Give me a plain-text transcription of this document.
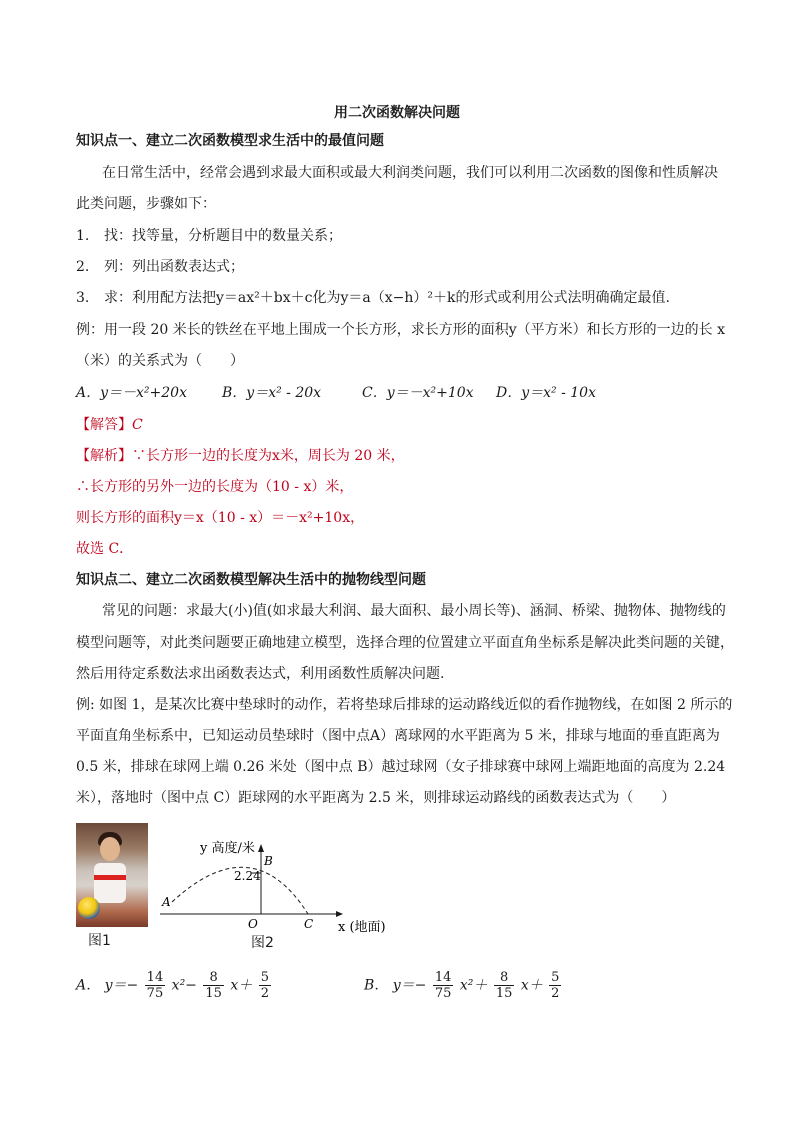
用二次函数解决问题
知识点一、建立二次函数模型求生活中的最值问题
在日常生活中，经常会遇到求最大面积或最大利润类问题，我们可以利用二次函数的图像和性质解决
此类问题，步骤如下：
1. 找：找等量，分析题目中的数量关系；
2. 列：列出函数表达式；
3. 求：利用配方法把y＝ax²＋bx＋c化为y＝a（x−h）²＋k的形式或利用公式法明确确定最值.
例：用一段 20 米长的铁丝在平地上围成一个长方形，求长方形的面积y（平方米）和长方形的一边的长 x
（米）的关系式为（　　）
A．y＝－x²+20x	B．y＝x² - 20x	C．y＝－x²+10x D．y＝x² - 10x
【解答】C
【解析】∵长方形一边的长度为x米，周长为 20 米，
∴长方形的另外一边的长度为（10 - x）米，
则长方形的面积y＝x（10 - x）＝－x²+10x，
故选 C．
知识点二、建立二次函数模型解决生活中的抛物线型问题
常见的问题：求最大(小)值(如求最大利润、最大面积、最小周长等)、涵洞、桥梁、抛物体、抛物线的
模型问题等，对此类问题要正确地建立模型，选择合理的位置建立平面直角坐标系是解决此类问题的关键，
然后用待定系数法求出函数表达式，利用函数性质解决问题.
例: 如图 1，是某次比赛中垫球时的动作，若将垫球后排球的运动路线近似的看作抛物线，在如图 2 所示的
平面直角坐标系中，已知运动员垫球时（图中点A）离球网的水平距离为 5 米，排球与地面的垂直距离为
0.5 米，排球在球网上端 0.26 米处（图中点 B）越过球网（女子排球赛中球网上端距地面的高度为 2.24
米），落地时（图中点 C）距球网的水平距离为 2.5 米，则排球运动路线的函数表达式为（　　）
图1
y 高度/米
2.24
B
A
O	C x (地面)
图2
A． $y=- \frac{14}{75} x^2- \frac{8}{15} x+ \frac{5}{2}$	B． $y=- \frac{14}{75} x^2+ \frac{8}{15} x+ \frac{5}{2}$
